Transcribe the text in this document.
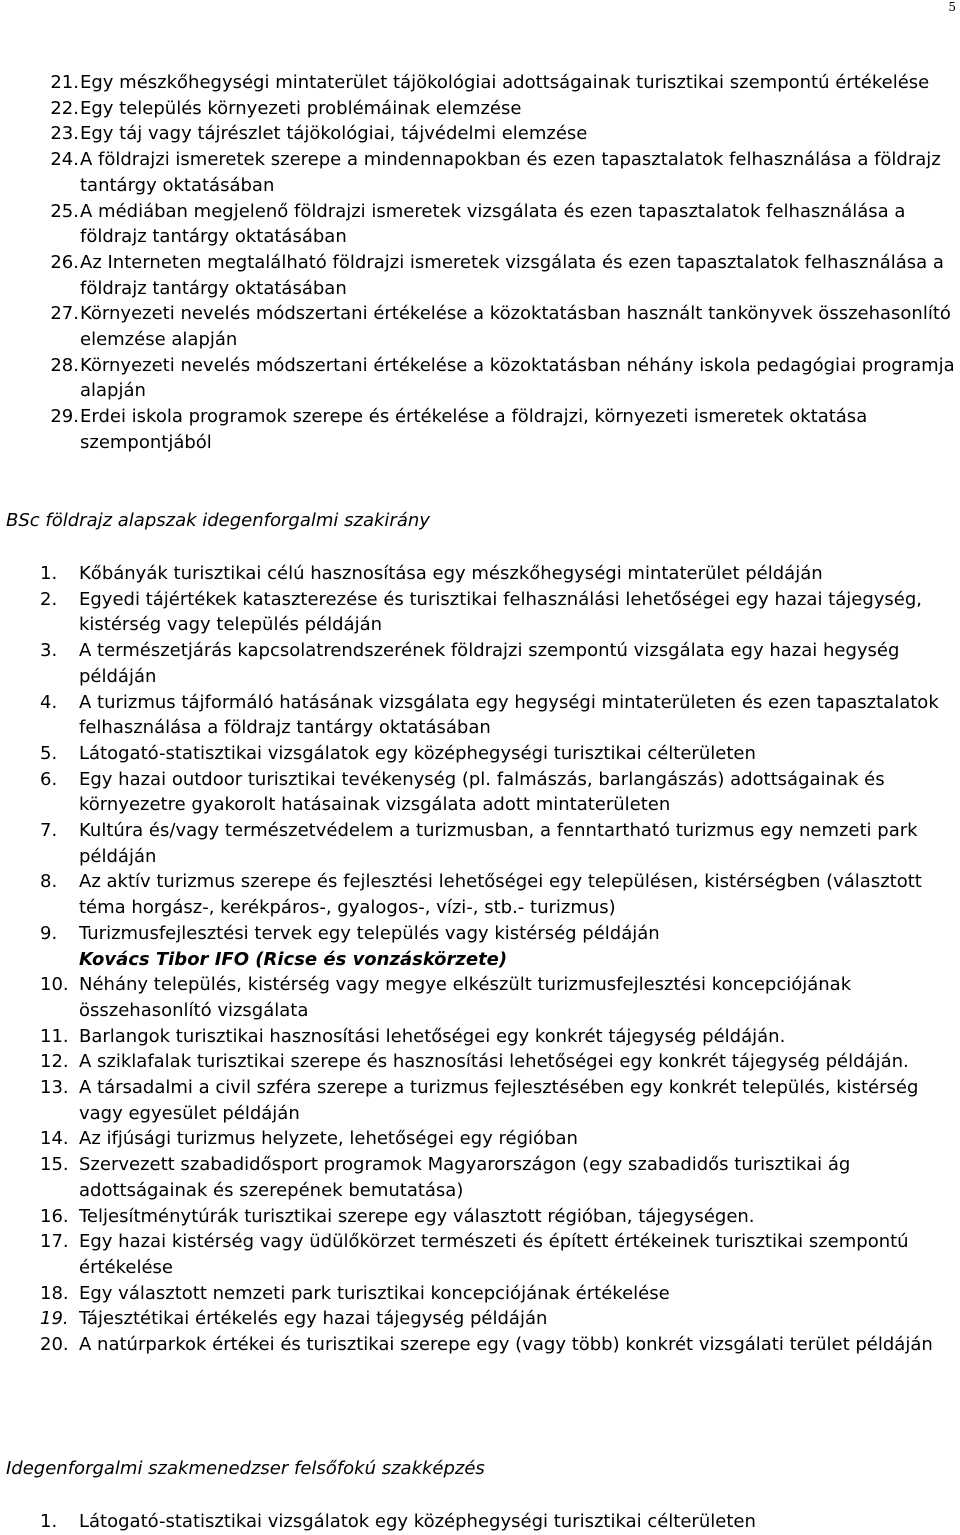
5
21. Egy mészkőhegységi mintaterület tájökológiai adottságainak turisztikai szempontú értékelése
22. Egy település környezeti problémáinak elemzése
23. Egy táj vagy tájrészlet tájökológiai, tájvédelmi elemzése
24. A földrajzi ismeretek szerepe a mindennapokban és ezen tapasztalatok felhasználása a földrajz tantárgy oktatásában
25. A médiában megjelenő földrajzi ismeretek vizsgálata és ezen tapasztalatok felhasználása a földrajz tantárgy oktatásában
26. Az Interneten megtalálható földrajzi ismeretek vizsgálata és ezen tapasztalatok felhasználása a földrajz tantárgy oktatásában
27. Környezeti nevelés módszertani értékelése a közoktatásban használt tankönyvek összehasonlító elemzése alapján
28. Környezeti nevelés módszertani értékelése a közoktatásban néhány iskola pedagógiai programja alapján
29. Erdei iskola programok szerepe és értékelése a földrajzi, környezeti ismeretek oktatása szempontjából
BSc földrajz alapszak idegenforgalmi szakirány
1.	Kőbányák turisztikai célú hasznosítása egy mészkőhegységi mintaterület példáján
2.	Egyedi tájértékek kataszterezése és turisztikai felhasználási lehetőségei egy hazai tájegység, kistérség vagy település példáján
3.	A természetjárás kapcsolatrendszerének földrajzi szempontú vizsgálata egy hazai hegység példáján
4.	A turizmus tájformáló hatásának vizsgálata egy hegységi mintaterületen és ezen tapasztalatok felhasználása a földrajz tantárgy oktatásában
5.	Látogató-statisztikai vizsgálatok egy középhegységi turisztikai célterületen
6.	Egy hazai outdoor turisztikai tevékenység (pl. falmászás, barlangászás) adottságainak és környezetre gyakorolt hatásainak vizsgálata adott mintaterületen
7.	Kultúra és/vagy természetvédelem a turizmusban, a fenntartható turizmus egy nemzeti park példáján
8.	Az aktív turizmus szerepe és fejlesztési lehetőségei egy településen, kistérségben (választott téma horgász-, kerékpáros-, gyalogos-, vízi-, stb.- turizmus)
9.	Turizmusfejlesztési tervek egy település vagy kistérség példáján
Kovács Tibor IFO (Ricse és vonzáskörzete)
10. Néhány település, kistérség vagy megye elkészült turizmusfejlesztési koncepciójának összehasonlító vizsgálata
11. Barlangok turisztikai hasznosítási lehetőségei egy konkrét tájegység példáján.
12. A sziklafalak turisztikai szerepe és hasznosítási lehetőségei egy konkrét tájegység példáján.
13. A társadalmi a civil szféra szerepe a turizmus fejlesztésében egy konkrét település, kistérség vagy egyesület példáján
14. Az ifjúsági turizmus helyzete, lehetőségei egy régióban
15. Szervezett szabadidősport programok Magyarországon (egy szabadidős turisztikai ág adottságainak és szerepének bemutatása)
16. Teljesítménytúrák turisztikai szerepe egy választott régióban, tájegységen.
17. Egy hazai kistérség vagy üdülőkörzet természeti és épített értékeinek turisztikai szempontú értékelése
18. Egy választott nemzeti park turisztikai koncepciójának értékelése
19. Tájesztétikai értékelés egy hazai tájegység példáján
20. A natúrparkok értékei és turisztikai szerepe egy (vagy több) konkrét vizsgálati terület példáján
Idegenforgalmi szakmenedzser felsőfokú szakképzés
1.	Látogató-statisztikai vizsgálatok egy középhegységi turisztikai célterületen
